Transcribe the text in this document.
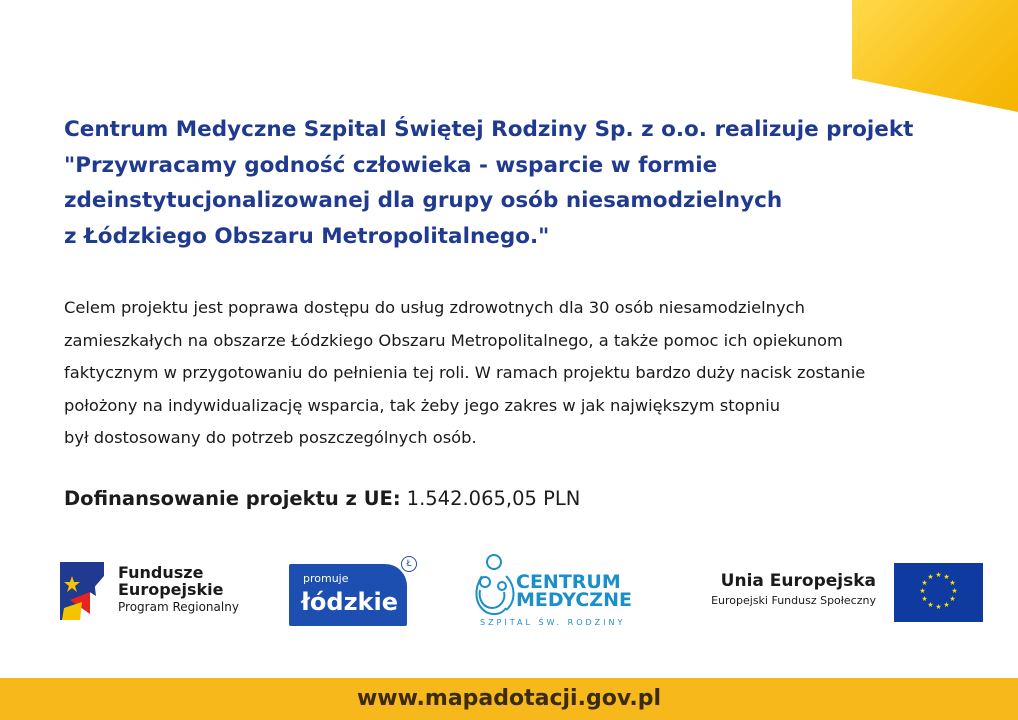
Centrum Medyczne Szpital Świętej Rodziny Sp. z o.o. realizuje projekt
"Przywracamy godność człowieka - wsparcie w formie
zdeinstytucjonalizowanej dla grupy osób niesamodzielnych
z Łódzkiego Obszaru Metropolitalnego."

Celem projektu jest poprawa dostępu do usług zdrowotnych dla 30 osób niesamodzielnych
zamieszkałych na obszarze Łódzkiego Obszaru Metropolitalnego, a także pomoc ich opiekunom
faktycznym w przygotowaniu do pełnienia tej roli. W ramach projektu bardzo duży nacisk zostanie
położony na indywidualizację wsparcia, tak żeby jego zakres w jak największym stopniu
był dostosowany do potrzeb poszczególnych osób.

Dofinansowanie projektu z UE: 1.542.065,05 PLN
Fundusze
Europejskie
Program Regionalny
promuje
łódzkie
Ł
CENTRUM
MEDYCZNE
SZPITAL ŚW. RODZINY
Unia Europejska
Europejski Fundusz Społeczny
★ ★
★
★
★
★
★
★
★
★
★
★
www.mapadotacji.gov.pl
